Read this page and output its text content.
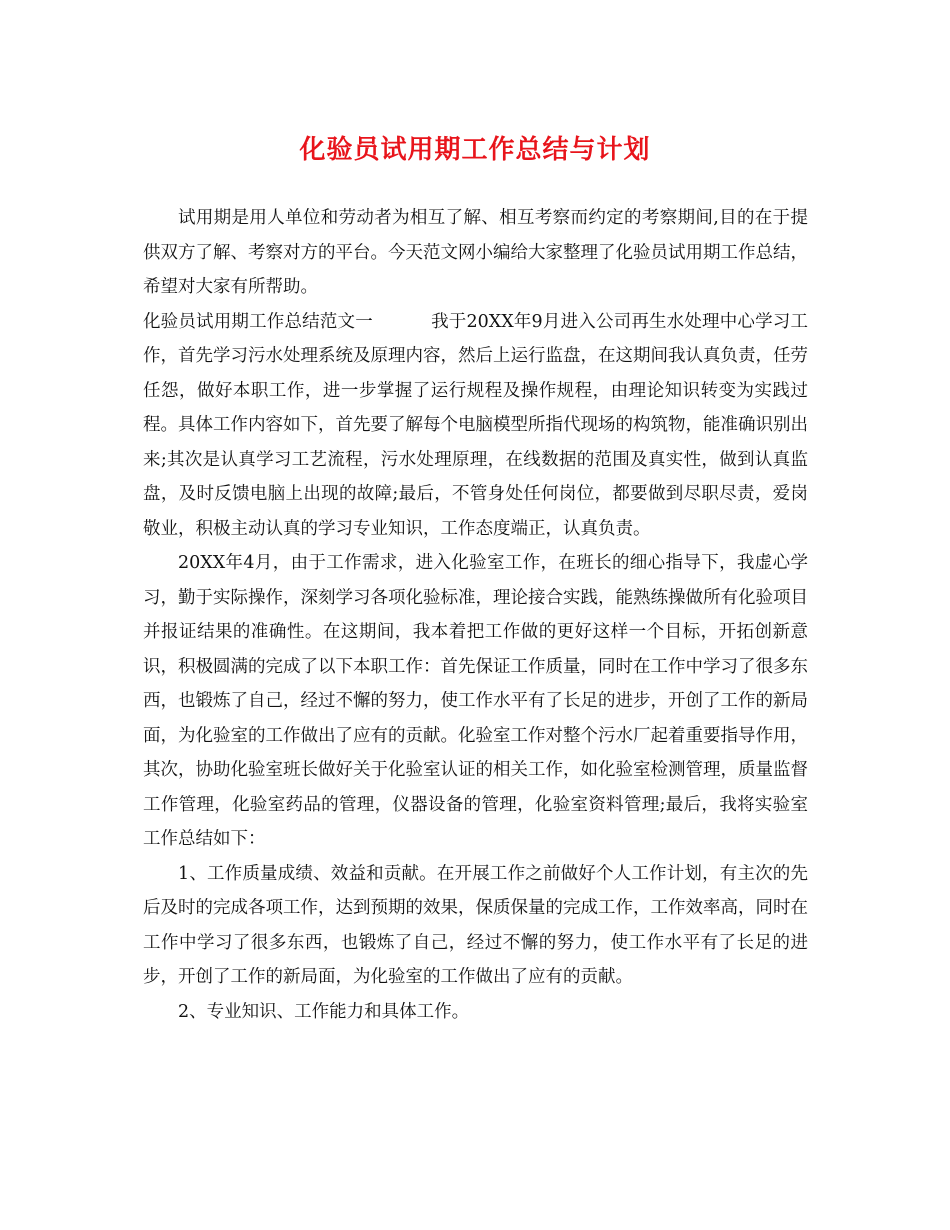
化验员试用期工作总结与计划

试用期是用人单位和劳动者为相互了解、相互考察而约定的考察期间,目的在于提供双方了解、考察对方的平台。今天范文网小编给大家整理了化验员试用期工作总结，希望对大家有所帮助。

化验员试用期工作总结范文一	我于20XX年9月进入公司再生水处理中心学习工作，首先学习污水处理系统及原理内容，然后上运行监盘，在这期间我认真负责，任劳任怨，做好本职工作，进一步掌握了运行规程及操作规程，由理论知识转变为实践过程。具体工作内容如下，首先要了解每个电脑模型所指代现场的构筑物，能准确识别出来;其次是认真学习工艺流程，污水处理原理，在线数据的范围及真实性，做到认真监盘，及时反馈电脑上出现的故障;最后，不管身处任何岗位，都要做到尽职尽责，爱岗敬业，积极主动认真的学习专业知识，工作态度端正，认真负责。

20XX年4月，由于工作需求，进入化验室工作，在班长的细心指导下，我虚心学习，勤于实际操作，深刻学习各项化验标准，理论接合实践，能熟练操做所有化验项目并报证结果的准确性。在这期间，我本着把工作做的更好这样一个目标，开拓创新意识，积极圆满的完成了以下本职工作：首先保证工作质量，同时在工作中学习了很多东西，也锻炼了自己，经过不懈的努力，使工作水平有了长足的进步，开创了工作的新局面，为化验室的工作做出了应有的贡献。化验室工作对整个污水厂起着重要指导作用，其次，协助化验室班长做好关于化验室认证的相关工作，如化验室检测管理，质量监督工作管理，化验室药品的管理，仪器设备的管理，化验室资料管理;最后，我将实验室工作总结如下：

1、工作质量成绩、效益和贡献。在开展工作之前做好个人工作计划，有主次的先后及时的完成各项工作，达到预期的效果，保质保量的完成工作，工作效率高，同时在工作中学习了很多东西，也锻炼了自己，经过不懈的努力，使工作水平有了长足的进步，开创了工作的新局面，为化验室的工作做出了应有的贡献。

2、专业知识、工作能力和具体工作。
